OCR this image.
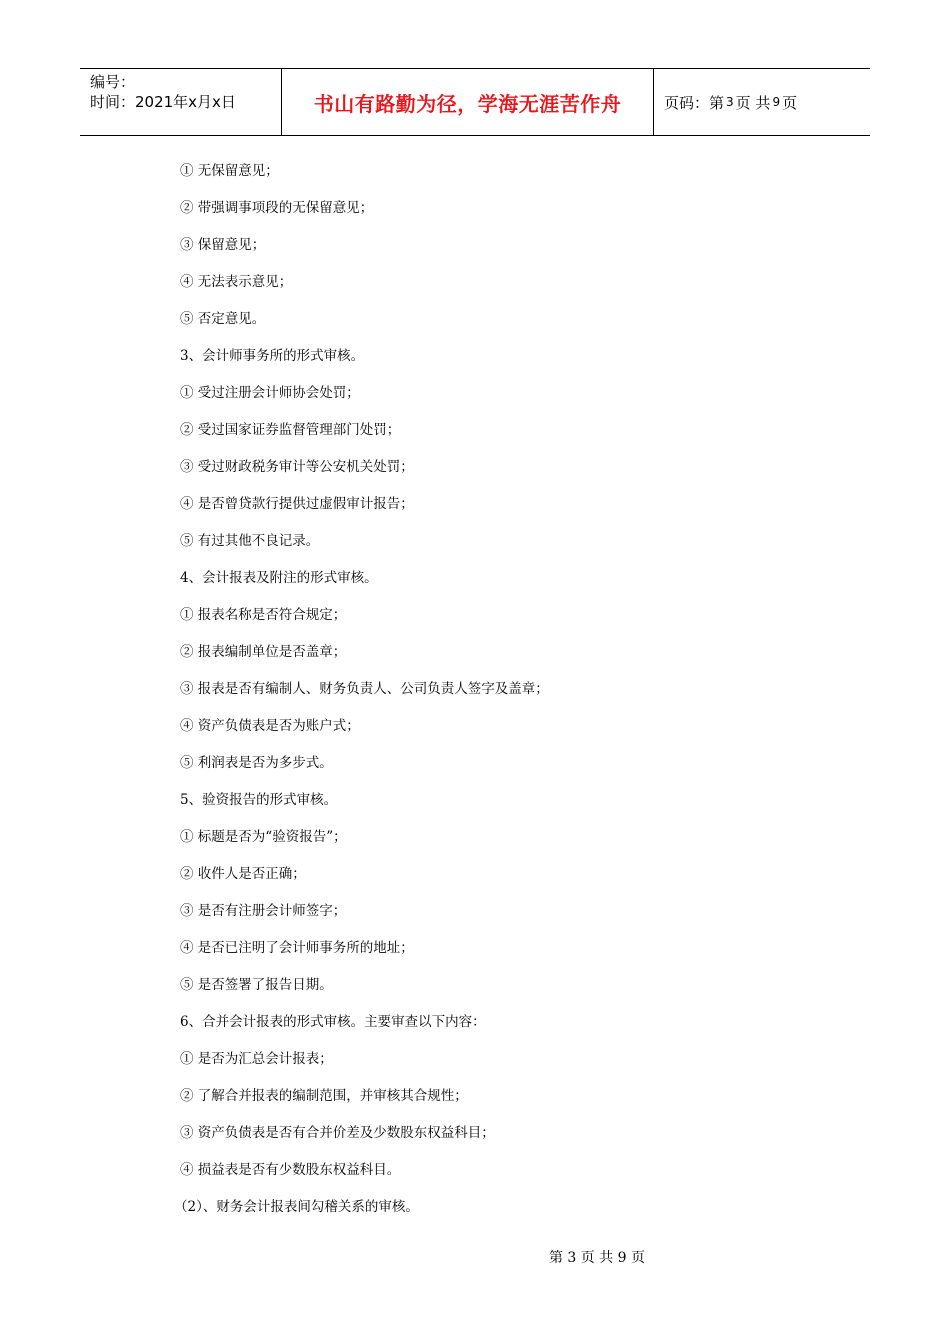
编号：
时间：2021年x月x日	书山有路勤为径，学海无涯苦作舟	页码：第 3 页 共 9 页
① 无保留意见；
② 带强调事项段的无保留意见；
③ 保留意见；
④ 无法表示意见；
⑤ 否定意见。
3、会计师事务所的形式审核。
① 受过注册会计师协会处罚；
② 受过国家证券监督管理部门处罚；
③ 受过财政税务审计等公安机关处罚；
④ 是否曾贷款行提供过虚假审计报告；
⑤ 有过其他不良记录。
4、会计报表及附注的形式审核。
① 报表名称是否符合规定；
② 报表编制单位是否盖章；
③ 报表是否有编制人、财务负责人、公司负责人签字及盖章；
④ 资产负债表是否为账户式；
⑤ 利润表是否为多步式。
5、验资报告的形式审核。
① 标题是否为“验资报告”；
② 收件人是否正确；
③ 是否有注册会计师签字；
④ 是否已注明了会计师事务所的地址；
⑤ 是否签署了报告日期。
6、合并会计报表的形式审核。主要审查以下内容：
① 是否为汇总会计报表；
② 了解合并报表的编制范围，并审核其合规性；
③ 资产负债表是否有合并价差及少数股东权益科目；
④ 损益表是否有少数股东权益科目。
（2）、财务会计报表间勾稽关系的审核。
第 3 页 共 9 页
